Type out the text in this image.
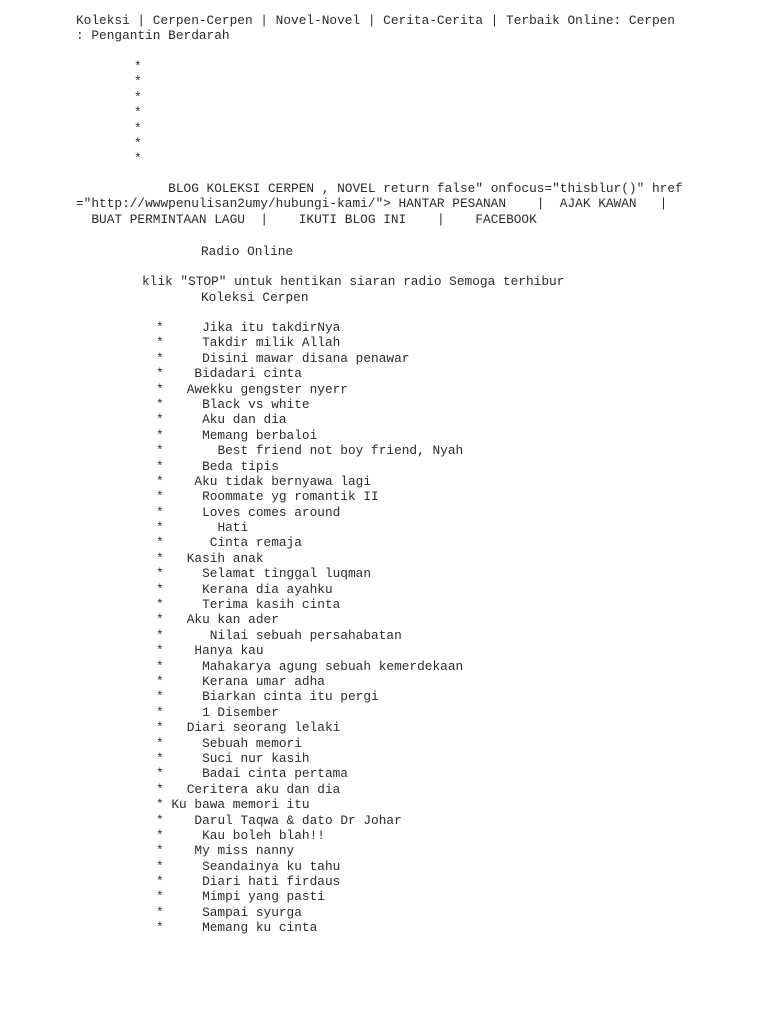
Koleksi | Cerpen-Cerpen | Novel-Novel | Cerita-Cerita | Terbaik Online: Cerpen
: Pengantin Berdarah
*
*
*
*
*
*
*
BLOG KOLEKSI CERPEN , NOVEL return false" onfocus="thisblur()" href
="http://wwwpenulisan2umy/hubungi-kami/"> HANTAR PESANAN    |  AJAK KAWAN   |
BUAT PERMINTAAN LAGU | IKUTI BLOG INI | FACEBOOK
Radio Online
klik "STOP" untuk hentikan siaran radio Semoga terhibur
Koleksi Cerpen
*     Jika itu takdirNya
*     Takdir milik Allah
*     Disini mawar disana penawar
*    Bidadari cinta
*   Awekku gengster nyerr
*     Black vs white
*     Aku dan dia
*     Memang berbaloi
*       Best friend not boy friend, Nyah
*     Beda tipis
*    Aku tidak bernyawa lagi
*     Roommate yg romantik II
*     Loves comes around
*       Hati
*      Cinta remaja
*   Kasih anak
*     Selamat tinggal luqman
*     Kerana dia ayahku
*     Terima kasih cinta
*   Aku kan ader
*      Nilai sebuah persahabatan
*    Hanya kau
*     Mahakarya agung sebuah kemerdekaan
*     Kerana umar adha
*     Biarkan cinta itu pergi
*     1 Disember
*   Diari seorang lelaki
*     Sebuah memori
*     Suci nur kasih
*     Badai cinta pertama
*   Ceritera aku dan dia
* Ku bawa memori itu
*    Darul Taqwa & dato Dr Johar
*     Kau boleh blah!!
*    My miss nanny
*     Seandainya ku tahu
*     Diari hati firdaus
*     Mimpi yang pasti
*     Sampai syurga
*     Memang ku cinta
